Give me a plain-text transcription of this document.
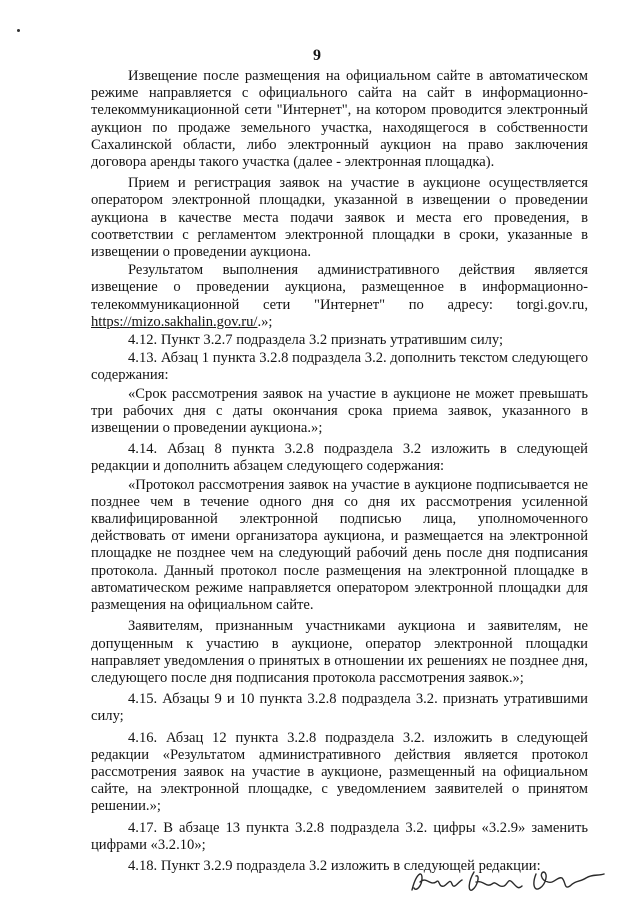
9

Извещение после размещения на официальном сайте в автоматическом режиме направляется с официального сайта на сайт в информационно-телекоммуникационной сети "Интернет", на котором проводится электронный аукцион по продаже земельного участка, находящегося в собственности Сахалинской области, либо электронный аукцион на право заключения договора аренды такого участка (далее - электронная площадка).

Прием и регистрация заявок на участие в аукционе осуществляется оператором электронной площадки, указанной в извещении о проведении аукциона в качестве места подачи заявок и места его проведения, в соответствии с регламентом электронной площадки в сроки, указанные в извещении о проведении аукциона.

Результатом выполнения административного действия является извещение о проведении аукциона, размещенное в информационно-телекоммуникационной сети "Интернет" по адресу: torgi.gov.ru, https://mizo.sakhalin.gov.ru/.»;

4.12. Пункт 3.2.7 подраздела 3.2 признать утратившим силу;

4.13. Абзац 1 пункта 3.2.8 подраздела 3.2. дополнить текстом следующего содержания:

«Срок рассмотрения заявок на участие в аукционе не может превышать три рабочих дня с даты окончания срока приема заявок, указанного в извещении о проведении аукциона.»;

4.14. Абзац 8 пункта 3.2.8 подраздела 3.2 изложить в следующей редакции и дополнить абзацем следующего содержания:

«Протокол рассмотрения заявок на участие в аукционе подписывается не позднее чем в течение одного дня со дня их рассмотрения усиленной квалифицированной электронной подписью лица, уполномоченного действовать от имени организатора аукциона, и размещается на электронной площадке не позднее чем на следующий рабочий день после дня подписания протокола. Данный протокол после размещения на электронной площадке в автоматическом режиме направляется оператором электронной площадки для размещения на официальном сайте.

Заявителям, признанным участниками аукциона и заявителям, не допущенным к участию в аукционе, оператор электронной площадки направляет уведомления о принятых в отношении их решениях не позднее дня, следующего после дня подписания протокола рассмотрения заявок.»;

4.15. Абзацы 9 и 10 пункта 3.2.8 подраздела 3.2. признать утратившими силу;

4.16. Абзац 12 пункта 3.2.8 подраздела 3.2. изложить в следующей редакции «Результатом административного действия является протокол рассмотрения заявок на участие в аукционе, размещенный на официальном сайте, на электронной площадке, с уведомлением заявителей о принятом решении.»;

4.17. В абзаце 13 пункта 3.2.8 подраздела 3.2. цифры «3.2.9» заменить цифрами «3.2.10»;

4.18. Пункт 3.2.9 подраздела 3.2 изложить в следующей редакции:
